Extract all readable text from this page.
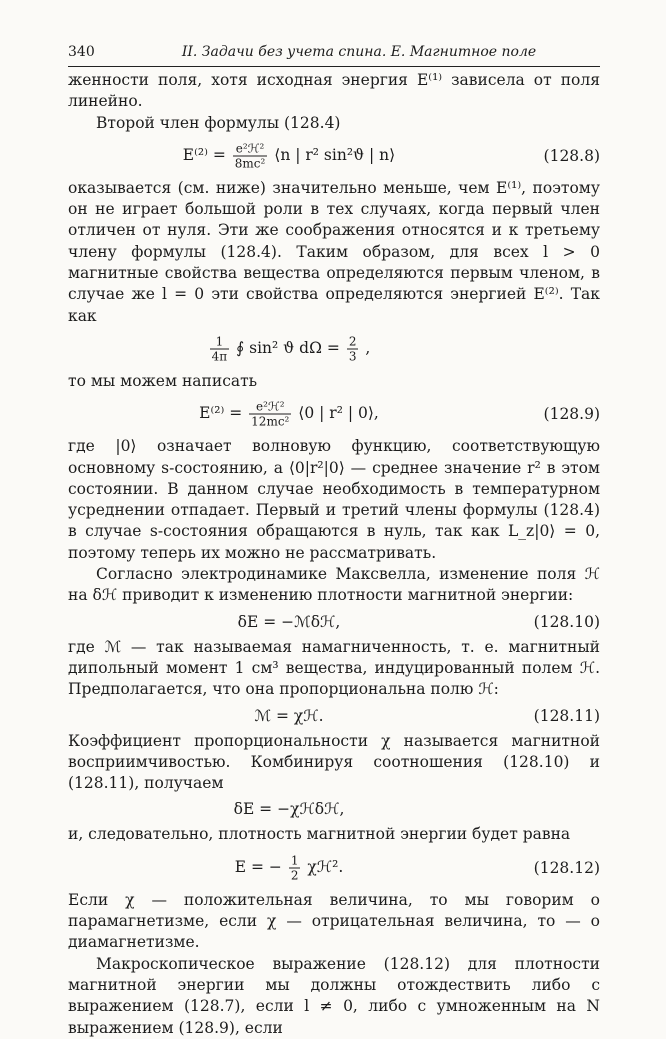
340	II. Задачи без учета спина. E. Магнитное поле

женности поля, хотя исходная энергия E⁽¹⁾ зависела от поля линейно.

Второй член формулы (128.4)

$E^{(2)} = \frac{\text{e²ℋ²}}{\text{8mc²}}$ ⟨n | r² sin²ϑ | n⟩	(128.8)

оказывается (см. ниже) значительно меньше, чем E⁽¹⁾, поэтому он не играет большой роли в тех случаях, когда первый член отличен от нуля. Эти же соображения относятся и к третьему члену формулы (128.4). Таким образом, для всех l > 0 магнитные свойства вещества определяются первым членом, в случае же l = 0 эти свойства определяются энергией E⁽²⁾. Так как

$\frac{1}{4\pi}$ ∮ sin² ϑ $d\Omega = \frac{2}{3}$ ,

то мы можем написать

$E^{(2)} = \frac{\text{e²ℋ²}}{\text{12mc²}}$ ⟨0 | r² | 0⟩,	(128.9)

где |0⟩ означает волновую функцию, соответствующую основному s-состоянию, а ⟨0|r²|0⟩ — среднее значение r² в этом состоянии. В данном случае необходимость в температурном усреднении отпадает. Первый и третий члены формулы (128.4) в случае s-состояния обращаются в нуль, так как L_z|0⟩ = 0, поэтому теперь их можно не рассматривать.

Согласно электродинамике Максвелла, изменение поля ℋ на δℋ приводит к изменению плотности магнитной энергии:

δE = −ℳδℋ,	(128.10)

где ℳ — так называемая намагниченность, т. е. магнитный дипольный момент 1 см³ вещества, индуцированный полем ℋ. Предполагается, что она пропорциональна полю ℋ:

ℳ = χℋ.	(128.11)

Коэффициент пропорциональности χ называется магнитной восприимчивостью. Комбинируя соотношения (128.10) и (128.11), получаем

δE = −χℋδℋ,

и, следовательно, плотность магнитной энергии будет равна

E = − $\frac{1}{2}$ χℋ².	(128.12)

Если χ — положительная величина, то мы говорим о парамагнетизме, если χ — отрицательная величина, то — о диамагнетизме.

Макроскопическое выражение (128.12) для плотности магнитной энергии мы должны отождествить либо с выражением (128.7), если l ≠ 0, либо с умноженным на N выражением (128.9), если
